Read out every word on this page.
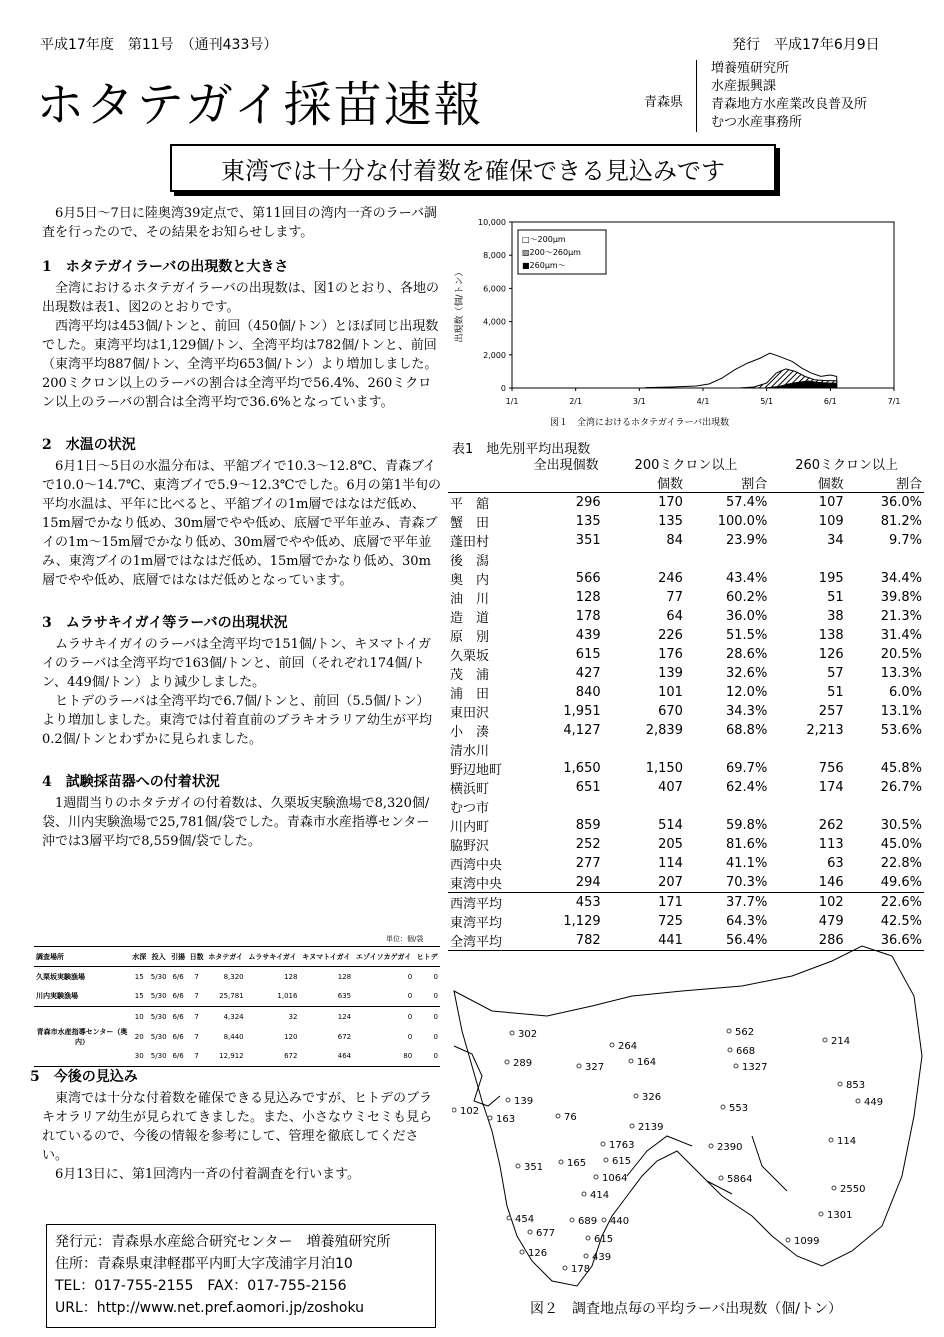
平成17年度　第11号　（通刊433号）	発行　平成17年6月9日
ホタテガイ採苗速報	青森県
増養殖研究所
水産振興課
青森地方水産業改良普及所
むつ水産事務所
東湾では十分な付着数を確保できる見込みです

6月5日～7日に陸奥湾39定点で、第11回目の湾内一斉のラーバ調査を行ったので、その結果をお知らせします。

1　ホタテガイラーバの出現数と大きさ

全湾におけるホタテガイラーバの出現数は、図1のとおり、各地の出現数は表1、図2のとおりです。

西湾平均は453個/トンと、前回（450個/トン）とほぼ同じ出現数でした。東湾平均は1,129個/トン、全湾平均は782個/トンと、前回（東湾平均887個/トン、全湾平均653個/トン）より増加しました。200ミクロン以上のラーバの割合は全湾平均で56.4%、260ミクロン以上のラーバの割合は全湾平均で36.6%となっています。

2　水温の状況

6月1日～5日の水温分布は、平舘ブイで10.3～12.8℃、青森ブイで10.0～14.7℃、東湾ブイで5.9～12.3℃でした。6月の第1半旬の平均水温は、平年に比べると、平舘ブイの1m層ではなはだ低め、15m層でかなり低め、30m層でやや低め、底層で平年並み、青森ブイの1m～15m層でかなり低め、30m層でやや低め、底層で平年並み、東湾ブイの1m層ではなはだ低め、15m層でかなり低め、30m層でやや低め、底層ではなはだ低めとなっています。

3　ムラサキイガイ等ラーバの出現状況

ムラサキイガイのラーバは全湾平均で151個/トン、キヌマトイガイのラーバは全湾平均で163個/トンと、前回（それぞれ174個/トン、449個/トン）より減少しました。

ヒトデのラーバは全湾平均で6.7個/トンと、前回（5.5個/トン）より増加しました。東湾では付着直前のブラキオラリア幼生が平均0.2個/トンとわずかに見られました。

4　試験採苗器への付着状況

1週間当りのホタテガイの付着数は、久栗坂実験漁場で8,320個/袋、川内実験漁場で25,781個/袋でした。青森市水産指導センター沖では3層平均で8,559個/袋でした。

単位：個/袋
調査場所	水深	投入	引揚	日数	ホタテガイ	ムラサキイガイ	キヌマトイガイ	エゾイソカゲガイ	ヒトデ
久栗坂実験漁場	15	5/30	6/6	7	8,320	128	128	0	0
川内実験漁場	15	5/30	6/6	7	25,781	1,016	635	0	0
青森市水産指導センター（奥内）	10	5/30	6/6	7	4,324	32	124	0	0
	20	5/30	6/6	7	8,440	120	672	0	0
	30	5/30	6/6	7	12,912	672	464	80	0
5　今後の見込み

東湾では十分な付着数を確保できる見込みですが、ヒトデのブラキオラリア幼生が見られてきました。また、小さなウミセミも見られているので、今後の情報を参考にして、管理を徹底してください。

6月13日に、第1回湾内一斉の付着調査を行います。

発行元：青森県水産総合研究センター　増養殖研究所
住所：青森県東津軽郡平内町大字茂浦字月泊10
TEL：017-755-2155　FAX：017-755-2156
URL：http://www.net.pref.aomori.jp/zoshoku
0
2,000
4,000
6,000
8,000
10,000
1/1	2/1	3/1	4/1	5/1	6/1	7/1
出現数（個/トン）
□～200μm
▨200～260μm
■260μm～
図１　全湾におけるホタテガイラーバ出現数
表1　地先別平均出現数
	全出現個数	200ミクロン以上		260ミクロン以上	
		個数	割合	個数	割合
平　舘	296	170	57.4%	107	36.0%
蟹　田	135	135	100.0%	109	81.2%
蓬田村	351	84	23.9%	34	9.7%
後　潟					
奥　内	566	246	43.4%	195	34.4%
油　川	128	77	60.2%	51	39.8%
造　道	178	64	36.0%	38	21.3%
原　別	439	226	51.5%	138	31.4%
久栗坂	615	176	28.6%	126	20.5%
茂　浦	427	139	32.6%	57	13.3%
浦　田	840	101	12.0%	51	6.0%
東田沢	1,951	670	34.3%	257	13.1%
小　湊	4,127	2,839	68.8%	2,213	53.6%
清水川					
野辺地町	1,650	1,150	69.7%	756	45.8%
横浜町	651	407	62.4%	174	26.7%
むつ市					
川内町	859	514	59.8%	262	30.5%
脇野沢	252	205	81.6%	113	45.0%
西湾中央	277	114	41.1%	63	22.8%
東湾中央	294	207	70.3%	146	49.6%
西湾平均	453	171	37.7%	102	22.6%
東湾平均	1,129	725	64.3%	479	42.5%
全湾平均	782	441	56.4%	286	36.6%
302
289
264
327	164
562
668
1327
214
139
102
163	76
326
553
853
449
2139
1763	2390
114
615
165
351
1064	5864
414
2550
454	689 440
1301
677
615	1099
126	439
178
図２　調査地点毎の平均ラーバ出現数（個/トン）
